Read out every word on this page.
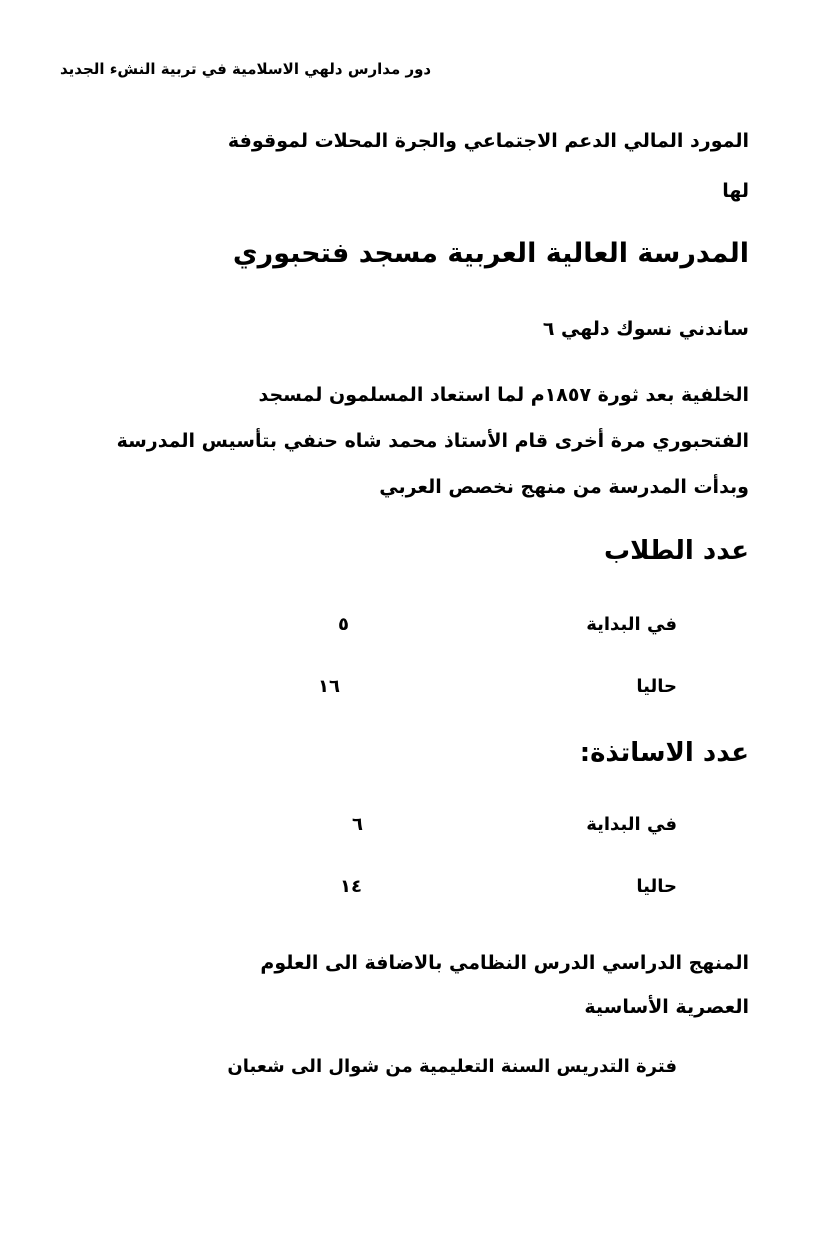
دور مدارس دلهي الاسلامية في تربية النشء الجديد
المورد المالي الدعم الاجتماعي والجرة المحلات لموقوفة
لها
المدرسة العالية العربية مسجد فتحبوري
ساندني نسوك دلهي ٦
الخلفية بعد ثورة ١٨٥٧م لما استعاد المسلمون لمسجد
الفتحبوري مرة أخرى قام الأستاذ محمد شاه حنفي بتأسيس المدرسة
وبدأت المدرسة من منهج نخصص العربي
عدد الطلاب
في البداية
٥
حاليا
١٦
عدد الاساتذة:
في البداية
٦
حاليا
١٤
المنهج الدراسي الدرس النظامي بالاضافة الى العلوم
العصرية الأساسية
فترة التدريس السنة التعليمية من شوال الى شعبان
